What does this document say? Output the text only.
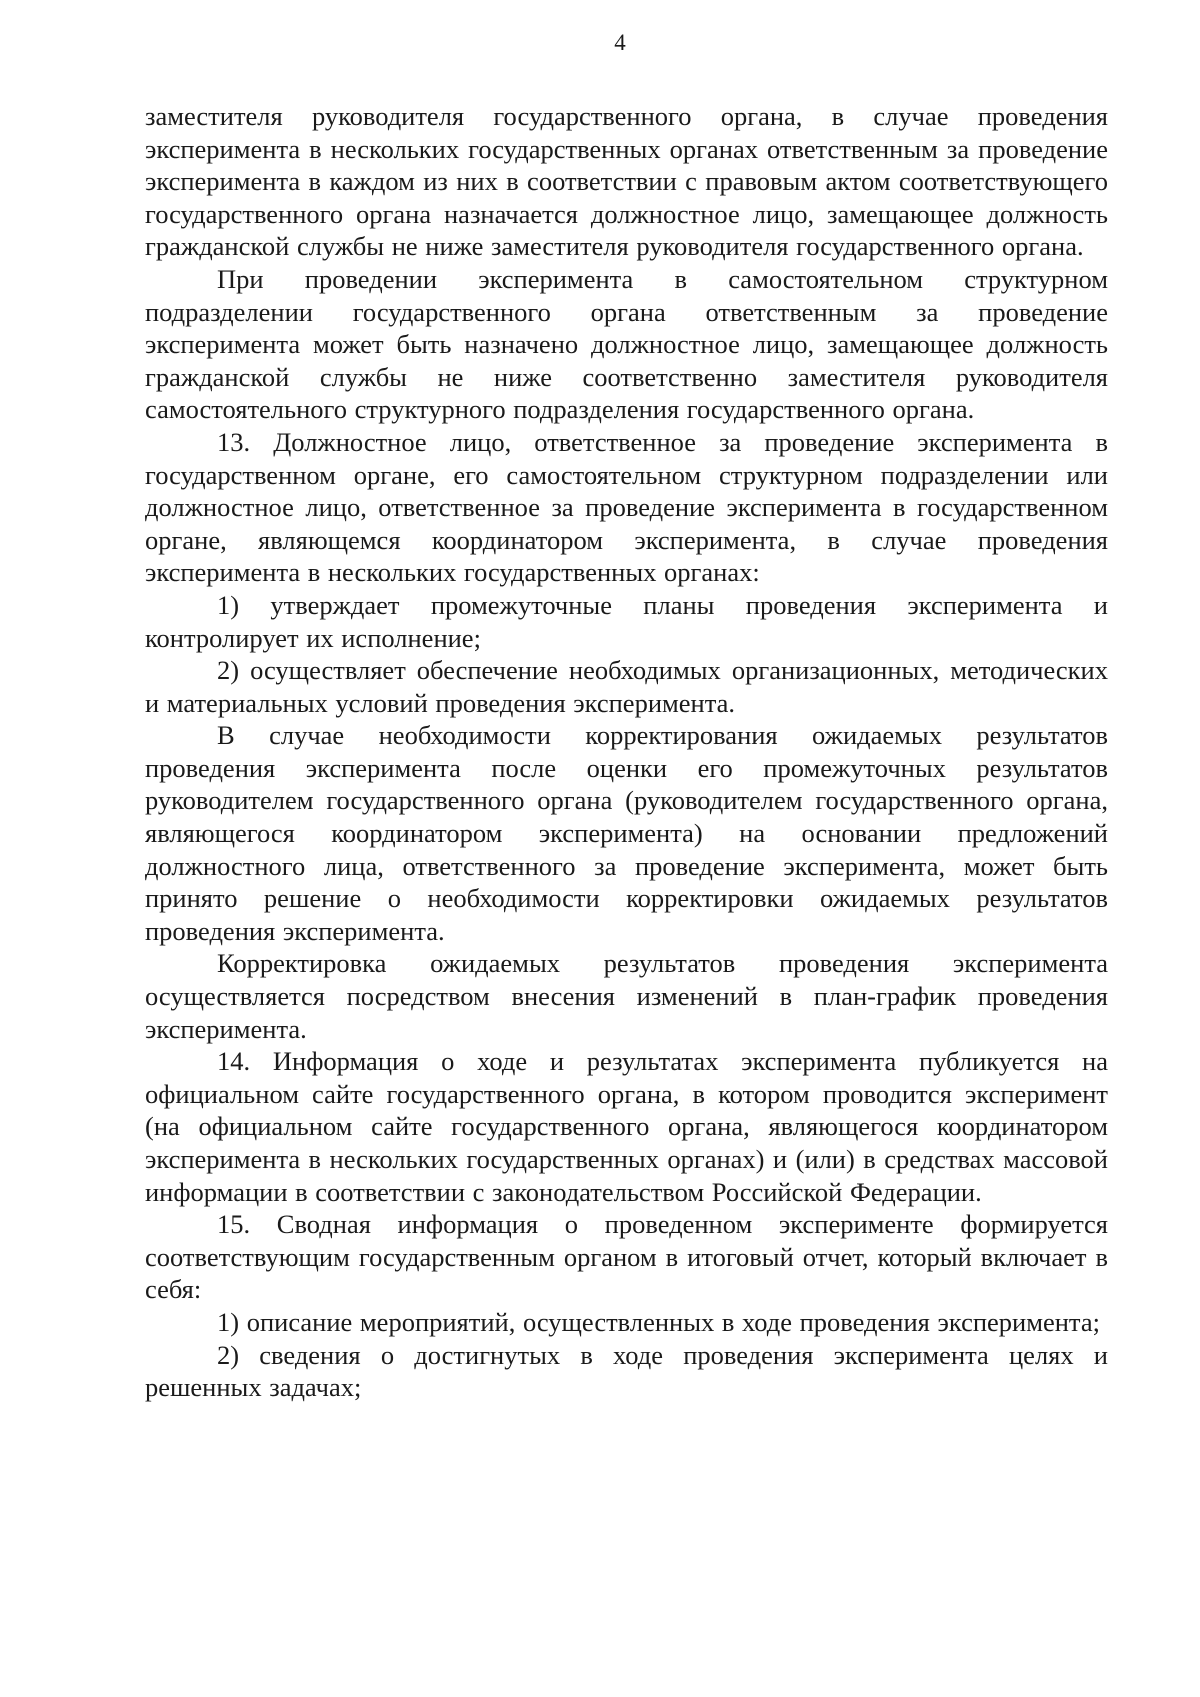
4

заместителя руководителя государственного органа, в случае проведения эксперимента в нескольких государственных органах ответственным за проведение эксперимента в каждом из них в соответствии с правовым актом соответствующего государственного органа назначается должностное лицо, замещающее должность гражданской службы не ниже заместителя руководителя государственного органа.

При проведении эксперимента в самостоятельном структурном подразделении государственного органа ответственным за проведение эксперимента может быть назначено должностное лицо, замещающее должность гражданской службы не ниже соответственно заместителя руководителя самостоятельного структурного подразделения государственного органа.

13. Должностное лицо, ответственное за проведение эксперимента в государственном органе, его самостоятельном структурном подразделении или должностное лицо, ответственное за проведение эксперимента в государственном органе, являющемся координатором эксперимента, в случае проведения эксперимента в нескольких государственных органах:

1) утверждает промежуточные планы проведения эксперимента и контролирует их исполнение;

2) осуществляет обеспечение необходимых организационных, методических и материальных условий проведения эксперимента.

В случае необходимости корректирования ожидаемых результатов проведения эксперимента после оценки его промежуточных результатов руководителем государственного органа (руководителем государственного органа, являющегося координатором эксперимента) на основании предложений должностного лица, ответственного за проведение эксперимента, может быть принято решение о необходимости корректировки ожидаемых результатов проведения эксперимента.

Корректировка ожидаемых результатов проведения эксперимента осуществляется посредством внесения изменений в план-график проведения эксперимента.

14. Информация о ходе и результатах эксперимента публикуется на официальном сайте государственного органа, в котором проводится эксперимент (на официальном сайте государственного органа, являющегося координатором эксперимента в нескольких государственных органах) и (или) в средствах массовой информации в соответствии с законодательством Российской Федерации.

15. Сводная информация о проведенном эксперименте формируется соответствующим государственным органом в итоговый отчет, который включает в себя:

1) описание мероприятий, осуществленных в ходе проведения эксперимента;

2) сведения о достигнутых в ходе проведения эксперимента целях и решенных задачах;
